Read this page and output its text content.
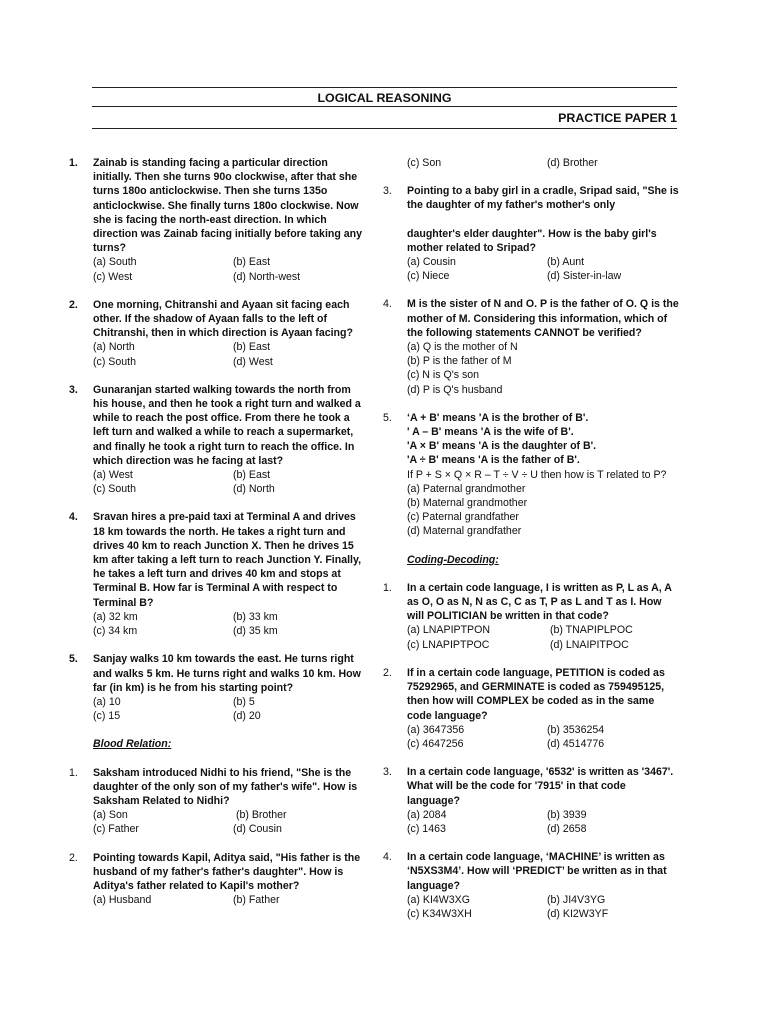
LOGICAL REASONING
PRACTICE PAPER 1
1. Zainab is standing facing a particular direction initially. Then she turns 90o clockwise, after that she turns 180o anticlockwise. Then she turns 135o anticlockwise. She finally turns 180o clockwise. Now she is facing the north-east direction. In which direction was Zainab facing initially before taking any turns?
(a) South	(b) East
(c) West	(d) North-west
2. One morning, Chitranshi and Ayaan sit facing each other. If the shadow of Ayaan falls to the left of Chitranshi, then in which direction is Ayaan facing?
(a) North	(b) East
(c) South	(d) West
3. Gunaranjan started walking towards the north from his house, and then he took a right turn and walked a while to reach the post office. From there he took a left turn and walked a while to reach a supermarket, and finally he took a right turn to reach the office. In which direction was he facing at last?
(a) West	(b) East
(c) South	(d) North
4. Sravan hires a pre-paid taxi at Terminal A and drives 18 km towards the north. He takes a right turn and drives 40 km to reach Junction X. Then he drives 15 km after taking a left turn to reach Junction Y. Finally, he takes a left turn and drives 40 km and stops at Terminal B. How far is Terminal A with respect to Terminal B?
(a) 32 km	(b) 33 km
(c) 34 km	(d) 35 km
5. Sanjay walks 10 km towards the east. He turns right and walks 5 km. He turns right and walks 10 km. How far (in km) is he from his starting point?
(a) 10	(b) 5
(c) 15	(d) 20
Blood Relation:
1. Saksham introduced Nidhi to his friend, "She is the daughter of the only son of my father's wife". How is Saksham Related to Nidhi?
(a) Son	(b) Brother
(c) Father	(d) Cousin
2. Pointing towards Kapil, Aditya said, "His father is the husband of my father's father's daughter". How is Aditya's father related to Kapil's mother?
(a) Husband	(b) Father
(c) Son	(d) Brother
3. Pointing to a baby girl in a cradle, Sripad said, "She is the daughter of my father's mother's only
daughter's elder daughter". How is the baby girl's mother related to Sripad?
(a) Cousin	(b) Aunt
(c) Niece	(d) Sister-in-law
4. M is the sister of N and O. P is the father of O. Q is the mother of M. Considering this information, which of the following statements CANNOT be verified?
(a) Q is the mother of N
(b) P is the father of M
(c) N is Q's son
(d) P is Q's husband
5. ‘A + B' means 'A is the brother of B'.
' A – B' means 'A is the wife of B'.
'A × B' means 'A is the daughter of B'.
'A ÷ B' means 'A is the father of B'.
If P + S × Q × R – T ÷ V ÷ U then how is T related to P?
(a) Paternal grandmother
(b) Maternal grandmother
(c) Paternal grandfather
(d) Maternal grandfather
Coding-Decoding:
1. In a certain code language, I is written as P, L as A, A as O, O as N, N as C, C as T, P as L and T as I. How will POLITICIAN be written in that code?
(a) LNAPIPTPON	(b) TNAPIPLPOC
(c) LNAPIPTPOC	(d) LNAIPITPOC
2. If in a certain code language, PETITION is coded as 75292965, and GERMINATE is coded as 759495125, then how will COMPLEX be coded as in the same code language?
(a) 3647356	(b) 3536254
(c) 4647256	(d) 4514776
3. In a certain code language, '6532' is written as '3467'. What will be the code for '7915' in that code language?
(a) 2084	(b) 3939
(c) 1463	(d) 2658
4. In a certain code language, ‘MACHINE’ is written as ‘N5XS3M4’. How will ‘PREDICT’ be written as in that language?
(a) KI4W3XG	(b) JI4V3YG
(c) K34W3XH	(d) KI2W3YF
